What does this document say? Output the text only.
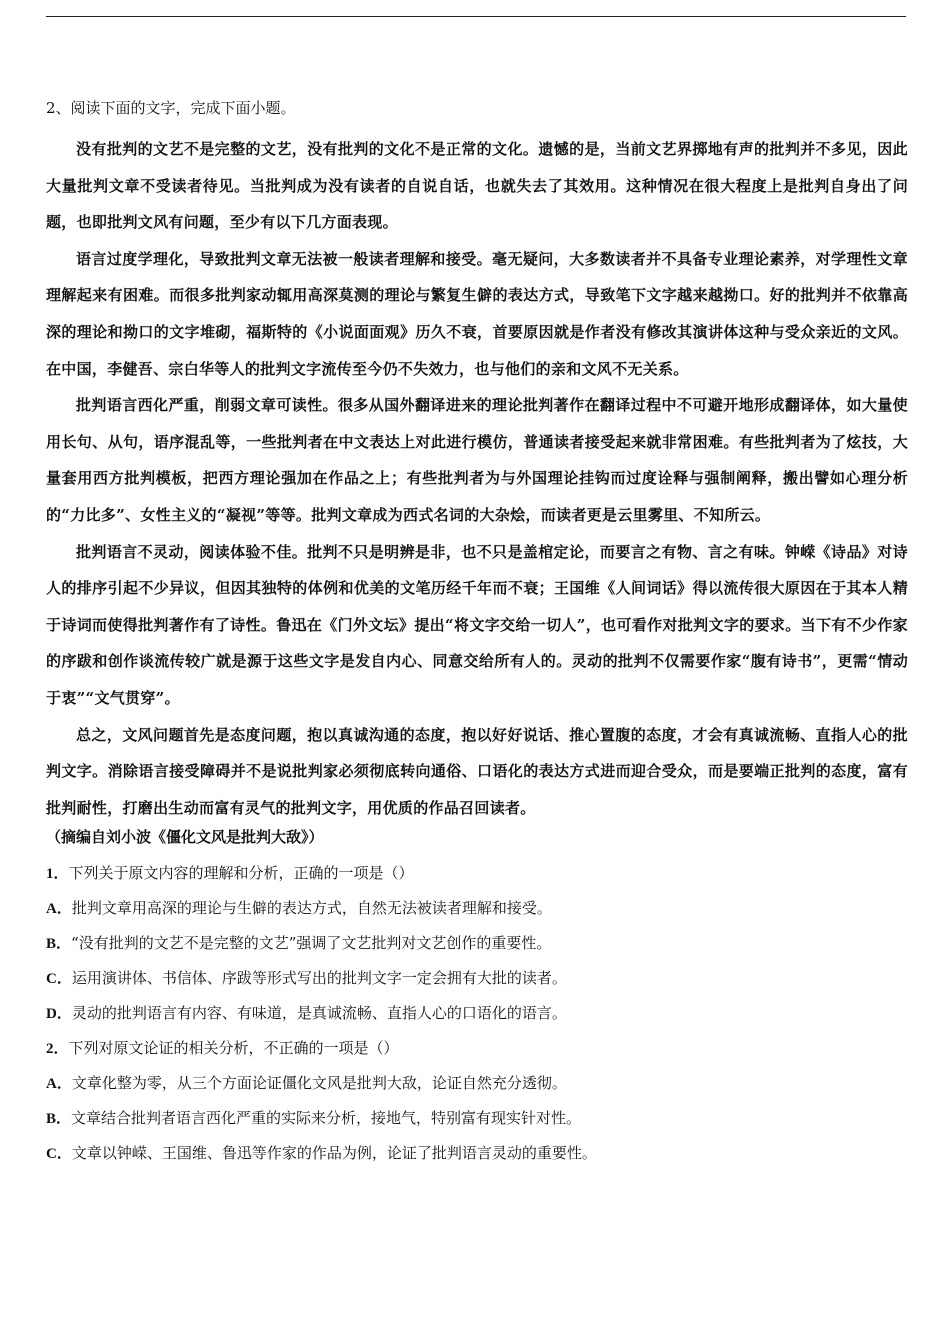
2、阅读下面的文字，完成下面小题。

没有批判的文艺不是完整的文艺，没有批判的文化不是正常的文化。遗憾的是，当前文艺界掷地有声的批判并不多见，因此大量批判文章不受读者待见。当批判成为没有读者的自说自话，也就失去了其效用。这种情况在很大程度上是批判自身出了问题，也即批判文风有问题，至少有以下几方面表现。

语言过度学理化，导致批判文章无法被一般读者理解和接受。毫无疑问，大多数读者并不具备专业理论素养，对学理性文章理解起来有困难。而很多批判家动辄用高深莫测的理论与繁复生僻的表达方式，导致笔下文字越来越拗口。好的批判并不依靠高深的理论和拗口的文字堆砌，福斯特的《小说面面观》历久不衰，首要原因就是作者没有修改其演讲体这种与受众亲近的文风。在中国，李健吾、宗白华等人的批判文字流传至今仍不失效力，也与他们的亲和文风不无关系。

批判语言西化严重，削弱文章可读性。很多从国外翻译进来的理论批判著作在翻译过程中不可避开地形成翻译体，如大量使用长句、从句，语序混乱等，一些批判者在中文表达上对此进行模仿，普通读者接受起来就非常困难。有些批判者为了炫技，大量套用西方批判模板，把西方理论强加在作品之上；有些批判者为与外国理论挂钩而过度诠释与强制阐释，搬出譬如心理分析的“力比多”、女性主义的“凝视”等等。批判文章成为西式名词的大杂烩，而读者更是云里雾里、不知所云。

批判语言不灵动，阅读体验不佳。批判不只是明辨是非，也不只是盖棺定论，而要言之有物、言之有味。钟嵘《诗品》对诗人的排序引起不少异议，但因其独特的体例和优美的文笔历经千年而不衰；王国维《人间词话》得以流传很大原因在于其本人精于诗词而使得批判著作有了诗性。鲁迅在《门外文坛》提出“将文字交给一切人”，也可看作对批判文字的要求。当下有不少作家的序跋和创作谈流传较广就是源于这些文字是发自内心、同意交给所有人的。灵动的批判不仅需要作家“腹有诗书”，更需“情动于衷”“文气贯穿”。

总之，文风问题首先是态度问题，抱以真诚沟通的态度，抱以好好说话、推心置腹的态度，才会有真诚流畅、直指人心的批判文字。消除语言接受障碍并不是说批判家必须彻底转向通俗、口语化的表达方式进而迎合受众，而是要端正批判的态度，富有批判耐性，打磨出生动而富有灵气的批判文字，用优质的作品召回读者。

（摘编自刘小波《僵化文风是批判大敌》）
1．下列关于原文内容的理解和分析，正确的一项是（）
A．批判文章用高深的理论与生僻的表达方式，自然无法被读者理解和接受。
B．“没有批判的文艺不是完整的文艺”强调了文艺批判对文艺创作的重要性。
C．运用演讲体、书信体、序跋等形式写出的批判文字一定会拥有大批的读者。
D．灵动的批判语言有内容、有味道，是真诚流畅、直指人心的口语化的语言。
2．下列对原文论证的相关分析，不正确的一项是（）
A．文章化整为零，从三个方面论证僵化文风是批判大敌，论证自然充分透彻。
B．文章结合批判者语言西化严重的实际来分析，接地气，特别富有现实针对性。
C．文章以钟嵘、王国维、鲁迅等作家的作品为例，论证了批判语言灵动的重要性。
